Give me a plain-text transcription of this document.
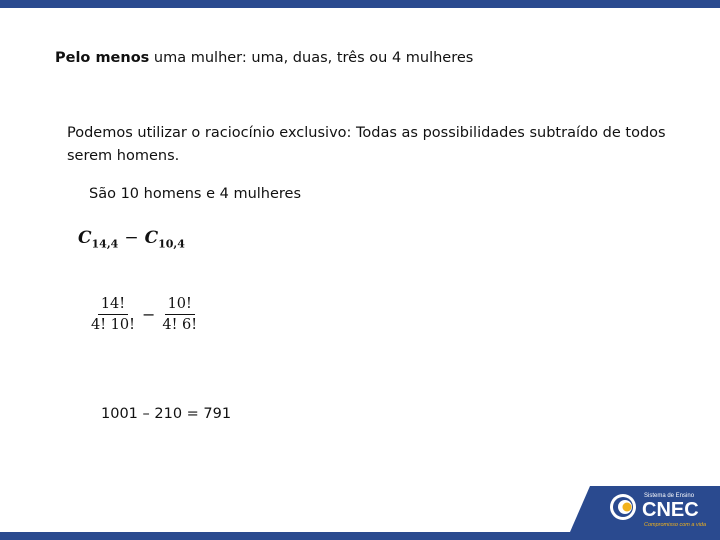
Pelo menos uma mulher: uma, duas, três ou 4 mulheres
Podemos utilizar o raciocínio exclusivo: Todas as possibilidades subtraído de todos serem homens.
São 10 homens e 4 mulheres
$C_{14,4} - C_{10,4}$
$\frac{14!}{4! 10!} - \frac{10!}{4! 6!}$
1001 – 210 = 791
Sistema de Ensino
CNEC
Compromisso com a vida
